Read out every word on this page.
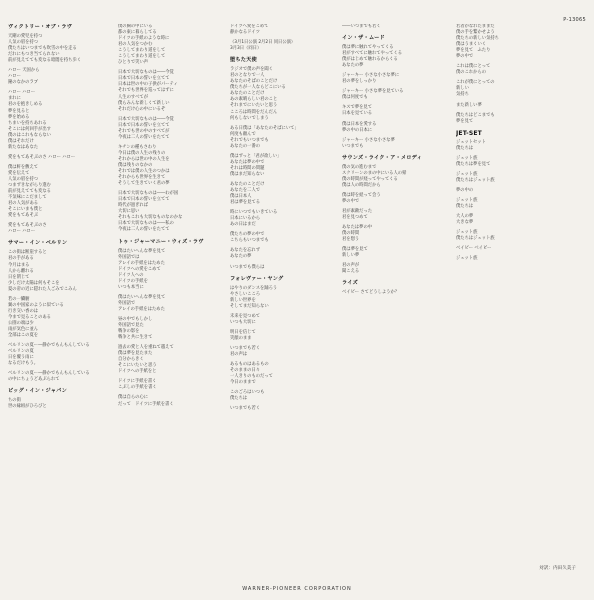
P-13065
ヴィクトリー・オブ・ラヴ
天剛の愛児を持つ
人気の唇を持つ
僕たちはいつまでも吹雪の中を走る
だれにもつき当てられない
前が見えてても変なる暗闇を持ち歩く
ハロー 天国から
ハロー
鐘のなかのラブ
ハロー ハロー
まれに
君のを抱きしめる
夢を見ると
夢を始める
ちまいを持ちあれる
そこには何回手が出す
僕のはこれもならない
僕はそれだけ
新たなはあなた
愛をもてあそぶのさ ハロー ハロー
僕は軒を敷えて
愛を伝えて
人気の唇を持つ
つまずきながらり進む
前が見えてても変なる
不気味にこだまして
君の人気がある
そこにいまも僕と
愛をもてあそぶ
愛をもてあそぶのさ
ハロー ハロー
サマー・イン・ベルリン
この街は断崖すると
君の手がある
今月はまる
人から離れる
日を閉じて
少しだけ太陽は何もそこを
夏の帝の近に隠れた人ごみでこみん
若の一臓腑
翼の中国家のように似ている
行き交い香のは
今まで見ることのある
公園の端は少
雨が気色に並ん
全部はこの夏を
ベルリンの夏ー―静かでもんもんしている
ベルリンの夏
日を覆う雨に
なるだけもう。
ベルリンの夏ー―静かでもんもんしている
の中にちょうどあぶられて
ビッグ・イン・ジャパン
ちの街
世の縁組がひろびと
僕の胸の中にいる
都の東に暮らしてる
ドイツの手紙のような時に
君の人気をつかむ
こうしてまわり道をして
こうしてまわり道をして
ひとりで笑い声
日本で大切なものは――今覚
日本で日本の誓いを立てて
日本は世の中の子供がパーティ
それでも世界を巡ってはずに
人生のすべてが
僕らみんな新しくて新しい
それだけ心の中にいるぞ
日本で大切なものは――今覚
日本で日本の誓いを立てて
それでも世の中のすべてが
今夜は二人の誓いをたてて
キチンの種もさわり
今日は僕の人生の残りの
それからは世の中の人生を
僕は残りのなかの
それでは僕の人生のつかは
それからも世界を生きて
そうして生きていく君の夢
日本で大切なものは――わが国
日本で日本の誓いを立てて
時代が過ぎれば
大切に思い
それもこれも大切なものなのかな
日本で大切なものは――私の
今夜は二人の誓いをたてて
トゥ・ジャーマニー・ウィズ・ラヴ
僕はたいへんな夢を見て
外国語では
アレイの手紙をはためた
ドイツへの愛をこめて
ドイツ人への
ドイツの手紙を
いつも本当に
僕はたいへんな夢を見て
外国語で
アレイの手紙をはためた
昼の中でもしかし
外国語で見た
戦争の影を
戦争と共に生きて
過去の愛と人を重ねて越えて
僕は夢を見たまた
自分からきく
そこにいたいと思う
ドイツへの手紙をと
ドイツに手紙を書く
こぶしの手紙を書く
僕は自らの心に
だって　ドイツに手紙を書く
ドイツへ愛をこめて
静かなるドイツ
（3月1日公演 2月2日 同日公演）
3月3日（同日）
堕ちた天使
ラジオで僕の声を聞く
君のとなりで一人
あなたのそばのことだけ
僕たちが一人ならどこにいる
あなたのことだけ
あの素晴らしい君のこと
それまでにいたいと思う
こころは時間をだんだん
何もしないでしまう
ある日僕は「あなたのそばにいて」
何度も頼んで
それでもいつまでも
あなたの一番の
僕はずっと「君が欲しい」
あなたは夢の中で
それは時間の問題
僕はまだ知らない
あなたのことだけ
あなたを二人で
僕は日本人
君は夢を見てる
時にいつでもいきている
日本にいるから
あの日はまだ
僕たちの夢の中で
こちらもいつまでも
あなたを忘れず
あなたの夢
いつまでも僕らは
フォレヴァー・ヤング
はやりのダンスを踊ろう
やさしいこころ
新しい世界を
そしてまだ知らない
未来を見つめて
いつも大切に
明日を信じて
笑顔のまま
いつまでも若く
君の声は
あるものはあるもの
そのままの日々
一人きりのものだって
今日のままで
このごろはいつも
僕たちは
いつまでも若く
――いつまでも若く
イン・ザ・ムード
僕は夢に触れてやってくる
君がすべてに触れてやってくる
僕がはじめて触れるからくる
あなたの夢
ジャーキー 小さな小さな夢に
君の夢をしっかり
ジャーキー 小さな夢を見ている
僕は何度でも
キスで夢を見て
日本を見ている
僕は日本を愛する
夢の中の日本に
ジャーキー 小さな小さな夢
いつまでも
サウンズ・ライク・ア・メロディ
僕の気の進むまで
スクリーンのまの中にいる人の帰
僕の時間が経ってやってくる
僕は人の時間だから
僕は時を経って会う
夢の中で
君が素敵だった
君を見つめて
あなたは夢の中
僕の時間
君を想う
僕は夢を見て
新しい夢
君の声が
聞こえる
ライズ
ベイビー さてどうしようか？
若者がなれたままだ
僕の手を繋かせよう
僕たちの新しい気持ち
僕はうまくいく
夢を見て　ふたり
夢の中で
これは僕にとって
僕のこれからの
これが僕にとっての
新しい
気持ち
また新しい夢
僕たちはどこまでも
夢を見て
JET-SET
ジェットセット
僕たちは
ジェット族
僕たちは夢を見て
ジェット族
僕たちはジェット族
夢の中の
ジェット族
僕たちは
大人の夢
大きな夢
ジェット族
僕たちはジェット族
ベイビー ベイビー
ジェット族
対訳：内田久美子
WARNER-PIONEER CORPORATION
